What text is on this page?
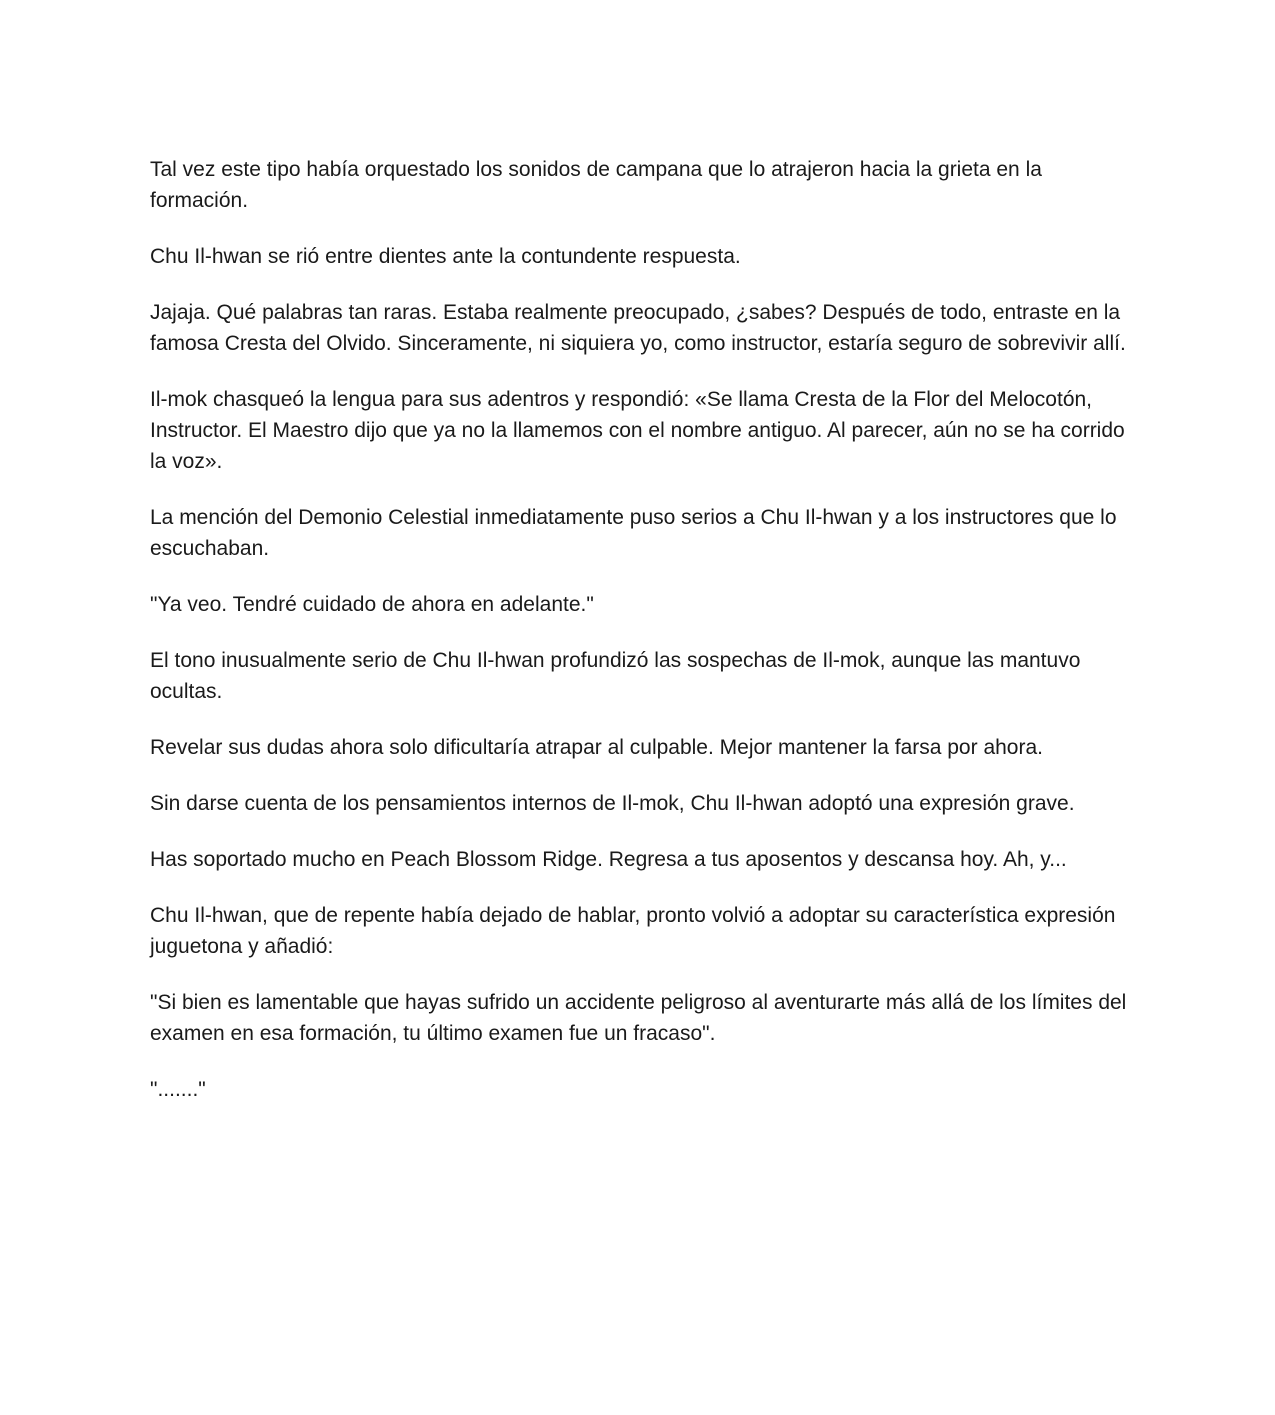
Tal vez este tipo había orquestado los sonidos de campana que lo atrajeron hacia la grieta en la formación.

Chu Il-hwan se rió entre dientes ante la contundente respuesta.

Jajaja. Qué palabras tan raras. Estaba realmente preocupado, ¿sabes? Después de todo, entraste en la famosa Cresta del Olvido. Sinceramente, ni siquiera yo, como instructor, estaría seguro de sobrevivir allí.

Il-mok chasqueó la lengua para sus adentros y respondió: «Se llama Cresta de la Flor del Melocotón, Instructor. El Maestro dijo que ya no la llamemos con el nombre antiguo. Al parecer, aún no se ha corrido la voz».

La mención del Demonio Celestial inmediatamente puso serios a Chu Il-hwan y a los instructores que lo escuchaban.

"Ya veo. Tendré cuidado de ahora en adelante."

El tono inusualmente serio de Chu Il-hwan profundizó las sospechas de Il-mok, aunque las mantuvo ocultas.

Revelar sus dudas ahora solo dificultaría atrapar al culpable. Mejor mantener la farsa por ahora.

Sin darse cuenta de los pensamientos internos de Il-mok, Chu Il-hwan adoptó una expresión grave.

Has soportado mucho en Peach Blossom Ridge. Regresa a tus aposentos y descansa hoy. Ah, y...

Chu Il-hwan, que de repente había dejado de hablar, pronto volvió a adoptar su característica expresión juguetona y añadió:

"Si bien es lamentable que hayas sufrido un accidente peligroso al aventurarte más allá de los límites del examen en esa formación, tu último examen fue un fracaso".

"......."
